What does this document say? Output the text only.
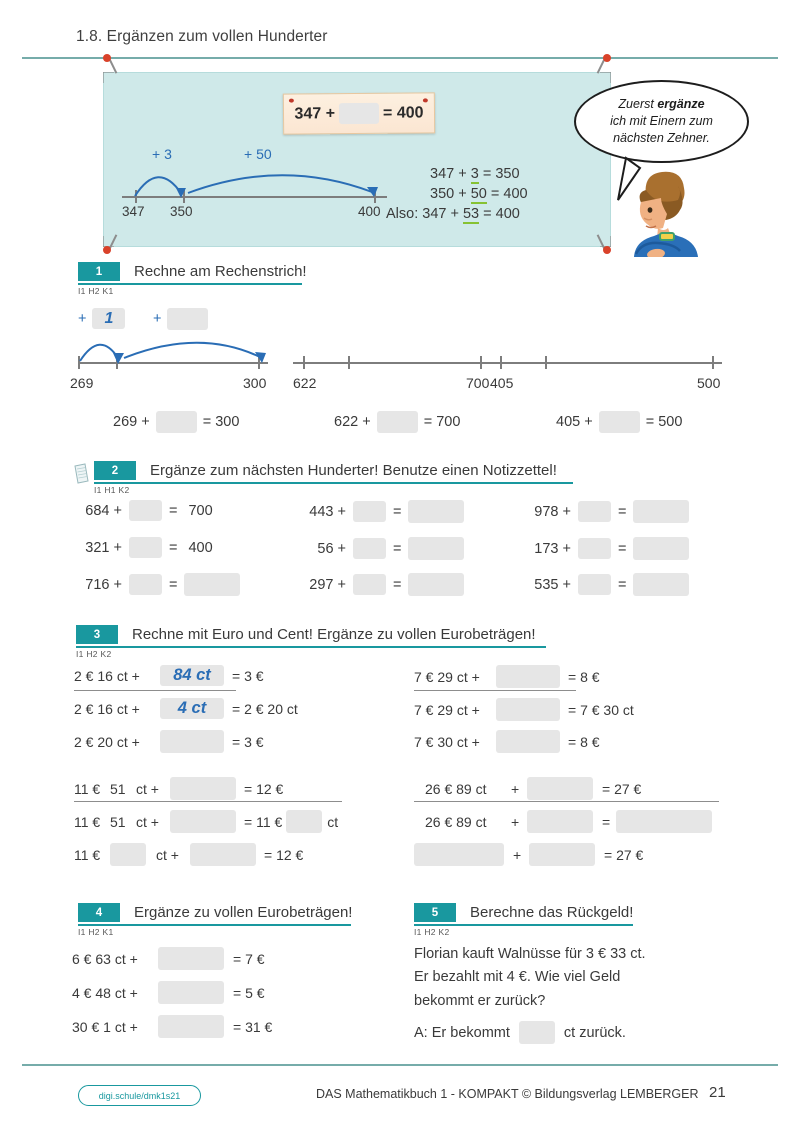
1.8. Ergänzen zum vollen Hunderter
347 +	= 400
347 350	400
+ 3	+ 50
347 + 3 = 350
350 + 50 = 400
Also: 347 + 53 = 400
Zuerst ergänze
ich mit Einern zum
nächsten Zehner.
1	Rechne am Rechenstrich!
I1 H2 K1
+ 1	+
269	300 622	700 405	500
269 +	= 300	622 +	= 700	405 +	= 500
2	Ergänze zum nächsten Hunderter! Benutze einen Notizzettel!
I1 H1 K2
684 +	= 700	443 +	=	978 +	=
321 +	= 400	56 +	=	173 +	=
716 +	=	297 +	=	535 +	=
3	Rechne mit Euro und Cent! Ergänze zu vollen Eurobeträgen!
I1 H2 K2
2 € 16 ct +	84 ct	= 3 €
2 € 16 ct +	4 ct	= 2 € 20 ct
2 € 20 ct +	= 3 €
7 € 29 ct +	= 8 €
7 € 29 ct +	= 7 € 30 ct
7 € 30 ct +	= 8 €
11 € 51 ct +	= 12 €
11 € 51 ct +	= 11 €	ct
11 €	ct +	= 12 €
26 € 89 ct	+	= 27 €
26 € 89 ct	+	=
+	= 27 €
4	Ergänze zu vollen Eurobeträgen!
I1 H2 K1
6 € 63 ct +	= 7 €
4 € 48 ct +	= 5 €
30 € 1 ct +	= 31 €
5	Berechne das Rückgeld!
I1 H2 K2
Florian kauft Walnüsse für 3 € 33 ct.
Er bezahlt mit 4 €. Wie viel Geld
bekommt er zurück?
A: Er bekommt	ct zurück.
digi.schule/dmk1s21	DAS Mathematikbuch 1 - KOMPAKT © Bildungsverlag LEMBERGER 21
